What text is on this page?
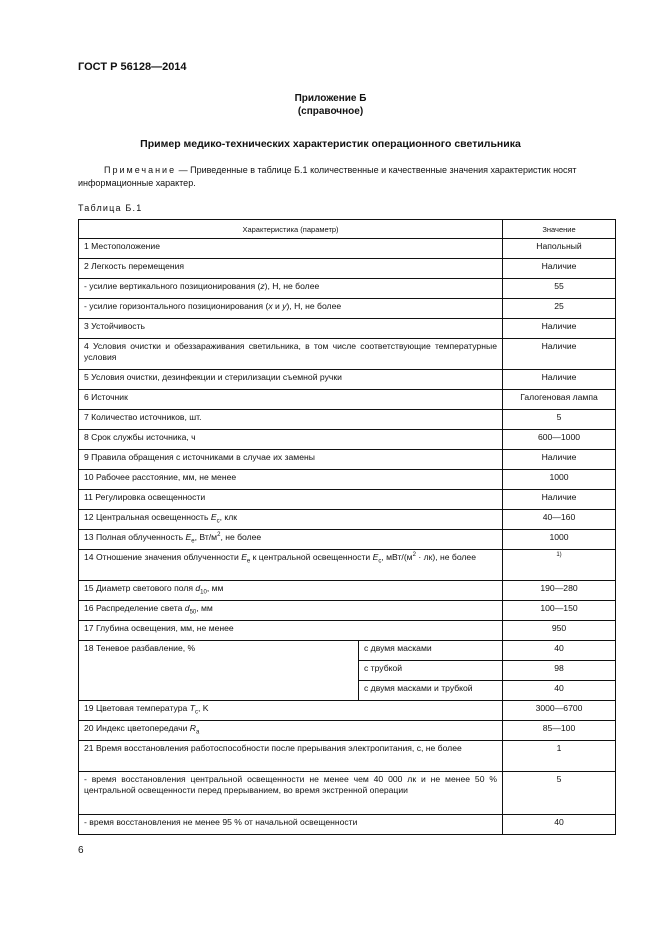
ГОСТ Р 56128—2014
Приложение Б
(справочное)
Пример медико-технических характеристик операционного светильника
Примечание — Приведенные в таблице Б.1 количественные и качественные значения характеристик носят информационные характер.
Таблица Б.1
Характеристика (параметр)		Значение
1 Местоположение		Напольный
2 Легкость перемещения		Наличие
- усилие вертикального позиционирования (z), Н, не более		55
- усилие горизонтального позиционирования (x и y), Н, не более		25
3 Устойчивость		Наличие
4 Условия очистки и обеззараживания светильника, в том числе соответствующие температурные условия		Наличие
5 Условия очистки, дезинфекции и стерилизации съемной ручки		Наличие
6 Источник		Галогеновая лампа
7 Количество источников, шт.		5
8 Срок службы источника, ч		600—1000
9 Правила обращения с источниками в случае их замены		Наличие
10 Рабочее расстояние, мм, не менее		1000
11 Регулировка освещенности		Наличие
12 Центральная освещенность $E_c$, клк		40—160
13 Полная облученность $E_e$, $Вт/м^2$, не более		1000
14 Отношение значения облученности $E_e$ к центральной освещенности $E_c$, мВт/$(м^2 \cdot лк)$, не более		$^{1)}$
15 Диаметр светового поля $d_{10}$, мм		190—280
16 Распределение света $d_{50}$, мм		100—150
17 Глубина освещения, мм, не менее		950
18 Теневое разбавление, %	с двумя масками	40
	с трубкой	98
	с двумя масками и трубкой	40
19 Цветовая температура $T_c$, K		3000—6700
20 Индекс цветопередачи $R_a$		85—100
21 Время восстановления работоспособности после прерывания электропитания, с, не более		1
- время восстановления центральной освещенности не менее чем 40 000 лк и не менее 50 % центральной освещенности перед прерыванием, во время экстренной операции		5
- время восстановления не менее 95 % от начальной освещенности		40
6
